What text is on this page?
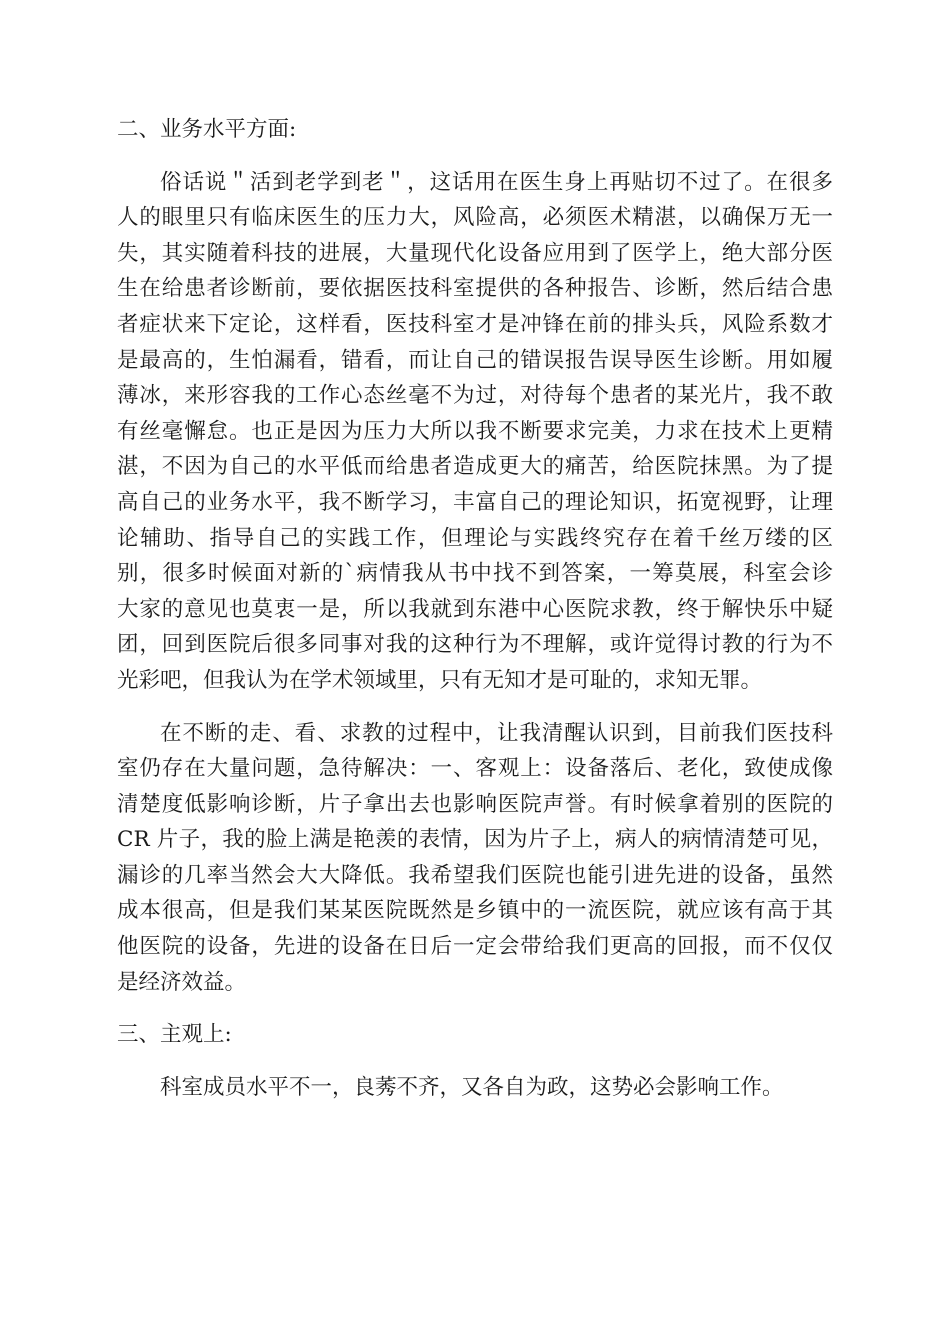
二、业务水平方面:
俗话说＂活到老学到老＂，这话用在医生身上再贴切不过了。在很多
人的眼里只有临床医生的压力大，风险高，必须医术精湛，以确保万无一
失，其实随着科技的进展，大量现代化设备应用到了医学上，绝大部分医
生在给患者诊断前，要依据医技科室提供的各种报告、诊断，然后结合患
者症状来下定论，这样看，医技科室才是冲锋在前的排头兵，风险系数才
是最高的，生怕漏看，错看，而让自己的错误报告误导医生诊断。用如履
薄冰，来形容我的工作心态丝毫不为过，对待每个患者的某光片，我不敢
有丝毫懈怠。也正是因为压力大所以我不断要求完美，力求在技术上更精
湛，不因为自己的水平低而给患者造成更大的痛苦，给医院抹黑。为了提
高自己的业务水平，我不断学习，丰富自己的理论知识，拓宽视野，让理
论辅助、指导自己的实践工作，但理论与实践终究存在着千丝万缕的区
别，很多时候面对新的`病情我从书中找不到答案，一筹莫展，科室会诊
大家的意见也莫衷一是，所以我就到东港中心医院求教，终于解快乐中疑
团，回到医院后很多同事对我的这种行为不理解，或许觉得讨教的行为不
光彩吧，但我认为在学术领域里，只有无知才是可耻的，求知无罪。
在不断的走、看、求教的过程中，让我清醒认识到，目前我们医技科
室仍存在大量问题，急待解决：一、客观上：设备落后、老化，致使成像
清楚度低影响诊断，片子拿出去也影响医院声誉。有时候拿着别的医院的
CR 片子，我的脸上满是艳羡的表情，因为片子上，病人的病情清楚可见，
漏诊的几率当然会大大降低。我希望我们医院也能引进先进的设备，虽然
成本很高，但是我们某某医院既然是乡镇中的一流医院，就应该有高于其
他医院的设备，先进的设备在日后一定会带给我们更高的回报，而不仅仅
是经济效益。
三、主观上:
科室成员水平不一，良莠不齐，又各自为政，这势必会影响工作。
